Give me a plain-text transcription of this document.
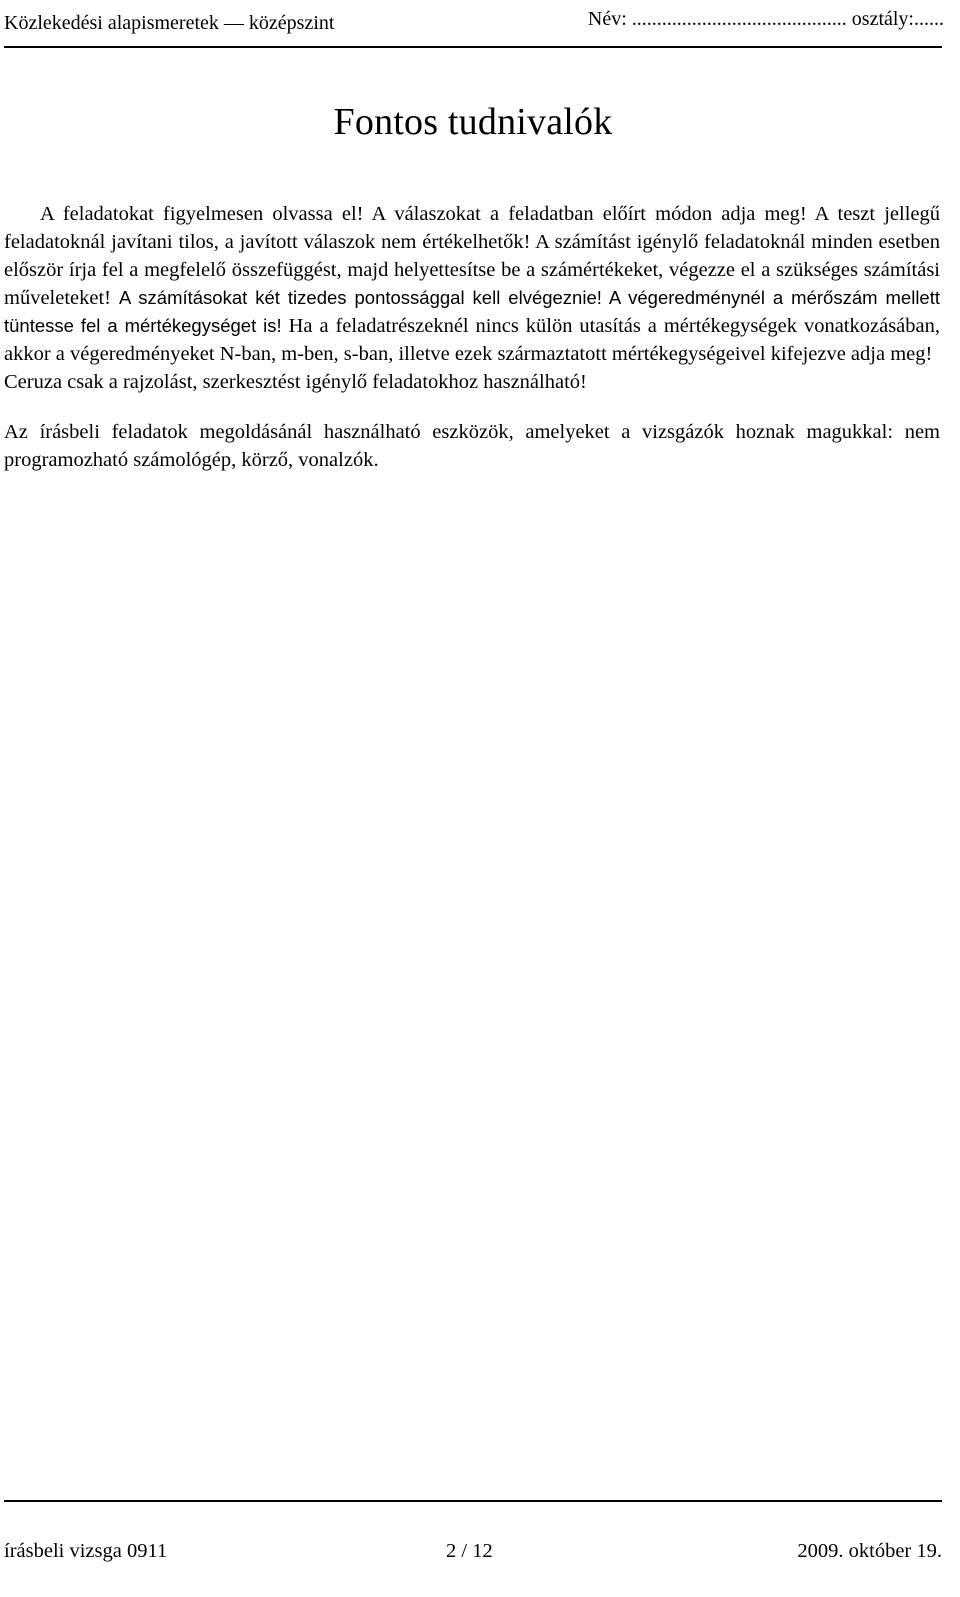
Közlekedési alapismeretek — középszint	Név: ........................................... osztály:......
Fontos tudnivalók

A feladatokat figyelmesen olvassa el! A válaszokat a feladatban előírt módon adja meg! A teszt jellegű feladatoknál javítani tilos, a javított válaszok nem értékelhetők! A számítást igénylő feladatoknál minden esetben először írja fel a megfelelő összefüggést, majd helyettesítse be a számértékeket, végezze el a szükséges számítási műveleteket! A számításokat két tizedes pontossággal kell elvégeznie! A végeredménynél a mérőszám mellett tüntesse fel a mértékegységet is! Ha a feladatrészeknél nincs külön utasítás a mértékegységek vonatkozásában, akkor a végeredményeket N-ban, m-ben, s-ban, illetve ezek származtatott mértékegységeivel kifejezve adja meg!

Ceruza csak a rajzolást, szerkesztést igénylő feladatokhoz használható!

Az írásbeli feladatok megoldásánál használható eszközök, amelyeket a vizsgázók hoznak magukkal: nem programozható számológép, körző, vonalzók.

írásbeli vizsga 0911	2 / 12	2009. október 19.
